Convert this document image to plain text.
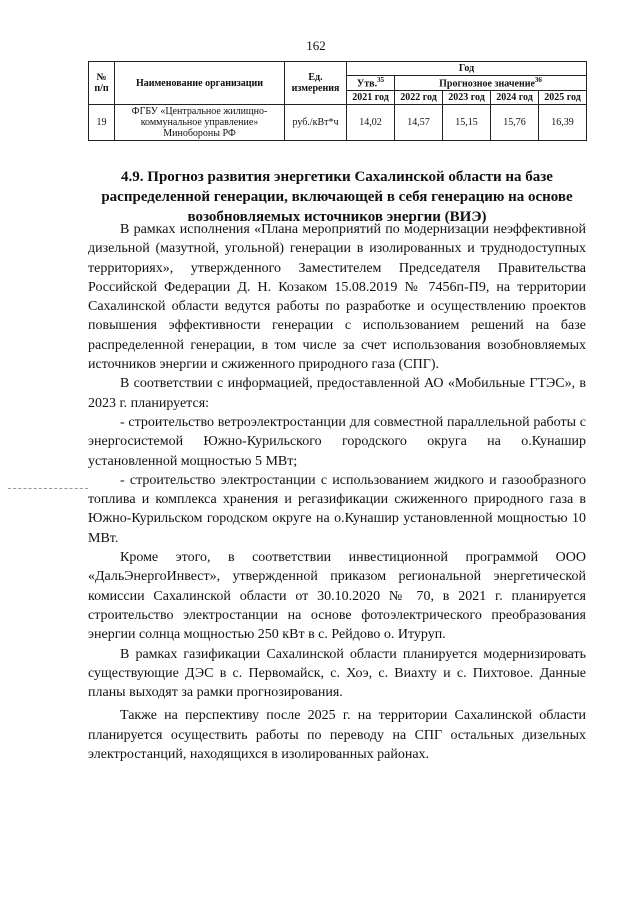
162
№ п/п	Наименование организации	Ед. измерения	Год				
			Утв.$^{35}$	Прогнозное значение$^{36}$
			2021 год	2022 год	2023 год	2024 год	2025 год
19	ФГБУ «Центральное жилищно-коммунальное управление» Минобороны РФ	руб./кВт*ч	14,02	14,57	15,15	15,76	16,39
4.9. Прогноз развития энергетики Сахалинской области на базе распределенной генерации, включающей в себя генерацию на основе возобновляемых источников энергии (ВИЭ)

В рамках исполнения «Плана мероприятий по модернизации неэффективной дизельной (мазутной, угольной) генерации в изолированных и труднодоступных территориях», утвержденного Заместителем Председателя Правительства Российской Федерации Д. Н. Козаком 15.08.2019 № 7456п-П9, на территории Сахалинской области ведутся работы по разработке и осуществлению проектов повышения эффективности генерации с использованием решений на базе распределенной генерации, в том числе за счет использования возобновляемых источников энергии и сжиженного природного газа (СПГ).

В соответствии с информацией, предоставленной АО «Мобильные ГТЭС», в 2023 г. планируется:

- строительство ветроэлектростанции для совместной параллельной работы с энергосистемой Южно-Курильского городского округа на о.Кунашир установленной мощностью 5 МВт;

- строительство электростанции с использованием жидкого и газообразного топлива и комплекса хранения и регазификации сжиженного природного газа в Южно-Курильском городском округе на о.Кунашир установленной мощностью 10 МВт.

Кроме этого, в соответствии инвестиционной программой ООО «ДальЭнергоИнвест», утвержденной приказом региональной энергетической комиссии Сахалинской области от 30.10.2020 № 70, в 2021 г. планируется строительство электростанции на основе фотоэлектрического преобразования энергии солнца мощностью 250 кВт в с. Рейдово о. Итуруп.

В рамках газификации Сахалинской области планируется модернизировать существующие ДЭС в с. Первомайск, с. Хоэ, с. Виахту и с. Пихтовое. Данные планы выходят за рамки прогнозирования.

Также на перспективу после 2025 г. на территории Сахалинской области планируется осуществить работы по переводу на СПГ остальных дизельных электростанций, находящихся в изолированных районах.
